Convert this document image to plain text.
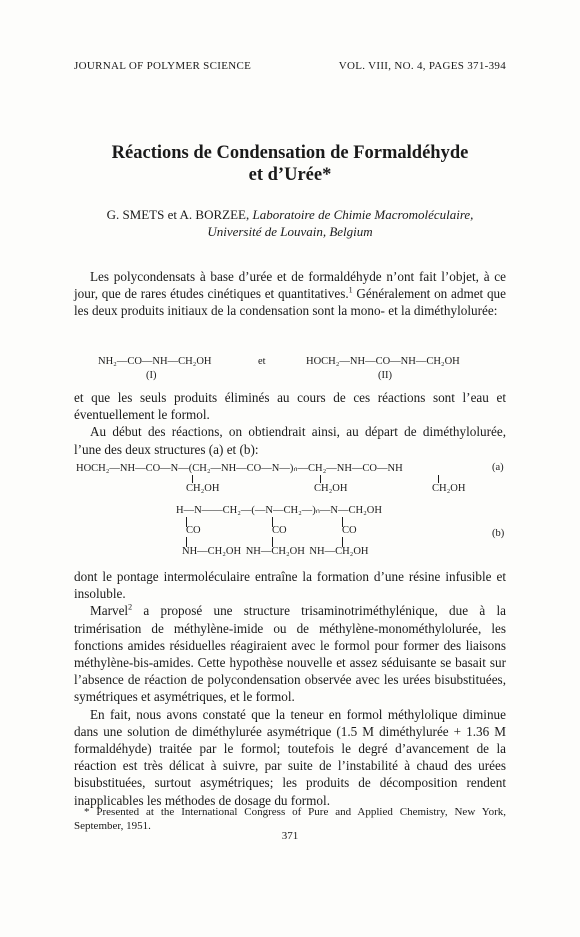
JOURNAL OF POLYMER SCIENCE	VOL. VIII, NO. 4, PAGES 371-394
Réactions de Condensation de Formaldéhyde
et d’Urée*
G. SMETS et A. BORZEE, Laboratoire de Chimie Macromoléculaire,
Université de Louvain, Belgium

Les polycondensats à base d’urée et de formaldéhyde n’ont fait l’objet, à ce jour, que de rares études cinétiques et quantitatives.$^1$ Généralement on admet que les deux produits initiaux de la condensation sont la mono- et la diméthylolurée:

NH₂—CO—NH—CH₂OH
(I)
et	HOCH₂—NH—CO—NH—CH₂OH
(II)

et que les seuls produits éliminés au cours de ces réactions sont l’eau et éventuellement le formol.

Au début des réactions, on obtiendrait ainsi, au départ de diméthylolurée, l’une des deux structures (a) et (b):

HOCH₂—NH—CO—N—(CH₂—NH—CO—N—)ₙ—CH₂—NH—CO—NH	(a)
CH₂OH	CH₂OH	CH₂OH
H—N——CH₂—(—N—CH₂—)ₙ—N—CH₂OH
CO	CO	CO	(b)
NH—CH₂OH NH—CH₂OH NH—CH₂OH

dont le pontage intermoléculaire entraîne la formation d’une résine infusible et insoluble.

Marvel$^2$ a proposé une structure trisaminotriméthylénique, due à la trimérisation de méthylène-imide ou de méthylène-monométhylolurée, les fonctions amides résiduelles réagiraient avec le formol pour former des liaisons méthylène-bis-amides. Cette hypothèse nouvelle et assez séduisante se basait sur l’absence de réaction de polycondensation observée avec les urées bisubstituées, symétriques et asymétriques, et le formol.

En fait, nous avons constaté que la teneur en formol méthylolique diminue dans une solution de diméthylurée asymétrique (1.5 M diméthylurée + 1.36 M formaldéhyde) traitée par le formol; toutefois le degré d’avancement de la réaction est très délicat à suivre, par suite de l’instabilité à chaud des urées bisubstituées, surtout asymétriques; les produits de décomposition rendent inapplicables les méthodes de dosage du formol.

* Presented at the International Congress of Pure and Applied Chemistry, New York, September, 1951.

371
